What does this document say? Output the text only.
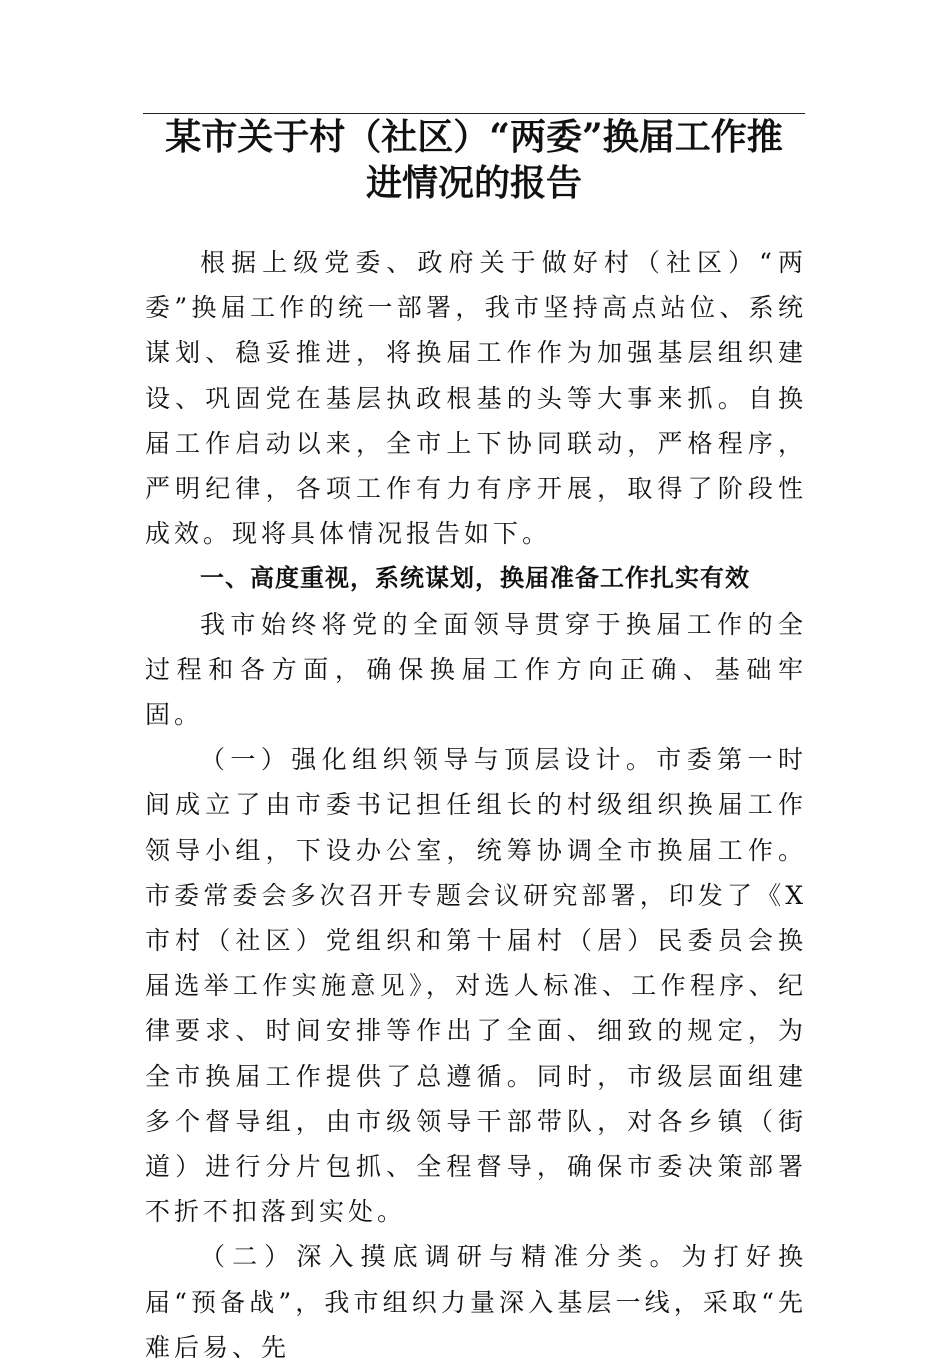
某市关于村（社区）“两委”换届工作推
进情况的报告

根据上级党委、政府关于做好村（社区）“两委”换届工作的统一部署，我市坚持高点站位、系统谋划、稳妥推进，将换届工作作为加强基层组织建设、巩固党在基层执政根基的头等大事来抓。自换届工作启动以来，全市上下协同联动，严格程序，严明纪律，各项工作有力有序开展，取得了阶段性成效。现将具体情况报告如下。

一、高度重视，系统谋划，换届准备工作扎实有效

我市始终将党的全面领导贯穿于换届工作的全过程和各方面，确保换届工作方向正确、基础牢固。

（一）强化组织领导与顶层设计。市委第一时间成立了由市委书记担任组长的村级组织换届工作领导小组，下设办公室，统筹协调全市换届工作。市委常委会多次召开专题会议研究部署，印发了《X市村（社区）党组织和第十届村（居）民委员会换届选举工作实施意见》，对选人标准、工作程序、纪律要求、时间安排等作出了全面、细致的规定，为全市换届工作提供了总遵循。同时，市级层面组建多个督导组，由市级领导干部带队，对各乡镇（街道）进行分片包抓、全程督导，确保市委决策部署不折不扣落到实处。

（二）深入摸底调研与精准分类。为打好换届“预备战”，我市组织力量深入基层一线，采取“先难后易、先
